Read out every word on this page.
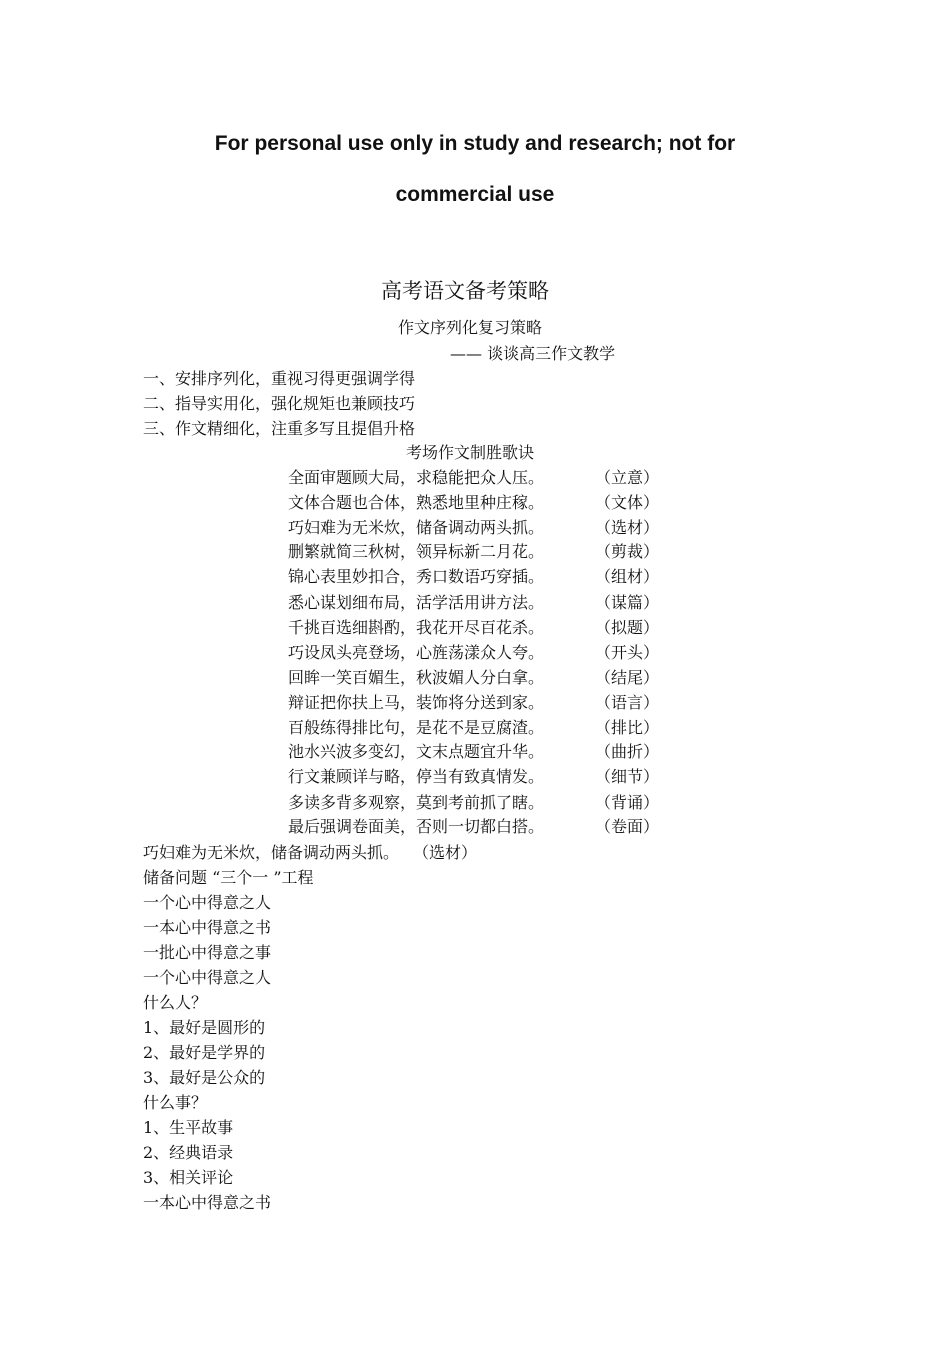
For personal use only in study and research; not for
commercial use
高考语文备考策略
作文序列化复习策略
—— 谈谈高三作文教学
一、安排序列化，重视习得更强调学得
二、指导实用化，强化规矩也兼顾技巧
三、作文精细化，注重多写且提倡升格
考场作文制胜歌诀
全面审题顾大局，求稳能把众人压。	（立意）
文体合题也合体，熟悉地里种庄稼。	（文体）
巧妇难为无米炊，储备调动两头抓。	（选材）
删繁就简三秋树，领异标新二月花。	（剪裁）
锦心表里妙扣合，秀口数语巧穿插。	（组材）
悉心谋划细布局，活学活用讲方法。	（谋篇）
千挑百选细斟酌，我花开尽百花杀。	（拟题）
巧设凤头亮登场，心旌荡漾众人夸。	（开头）
回眸一笑百媚生，秋波媚人分白拿。	（结尾）
辩证把你扶上马，装饰将分送到家。	（语言）
百般练得排比句，是花不是豆腐渣。	（排比）
池水兴波多变幻，文末点题宜升华。	（曲折）
行文兼顾详与略，停当有致真情发。	（细节）
多读多背多观察，莫到考前抓了瞎。	（背诵）
最后强调卷面美，否则一切都白搭。	（卷面）
巧妇难为无米炊，储备调动两头抓。 （选材）
储备问题 “三个一 ”工程
一个心中得意之人
一本心中得意之书
一批心中得意之事
一个心中得意之人
什么人？
1、最好是圆形的
2、最好是学界的
3、最好是公众的
什么事？
1、生平故事
2、经典语录
3、相关评论
一本心中得意之书
